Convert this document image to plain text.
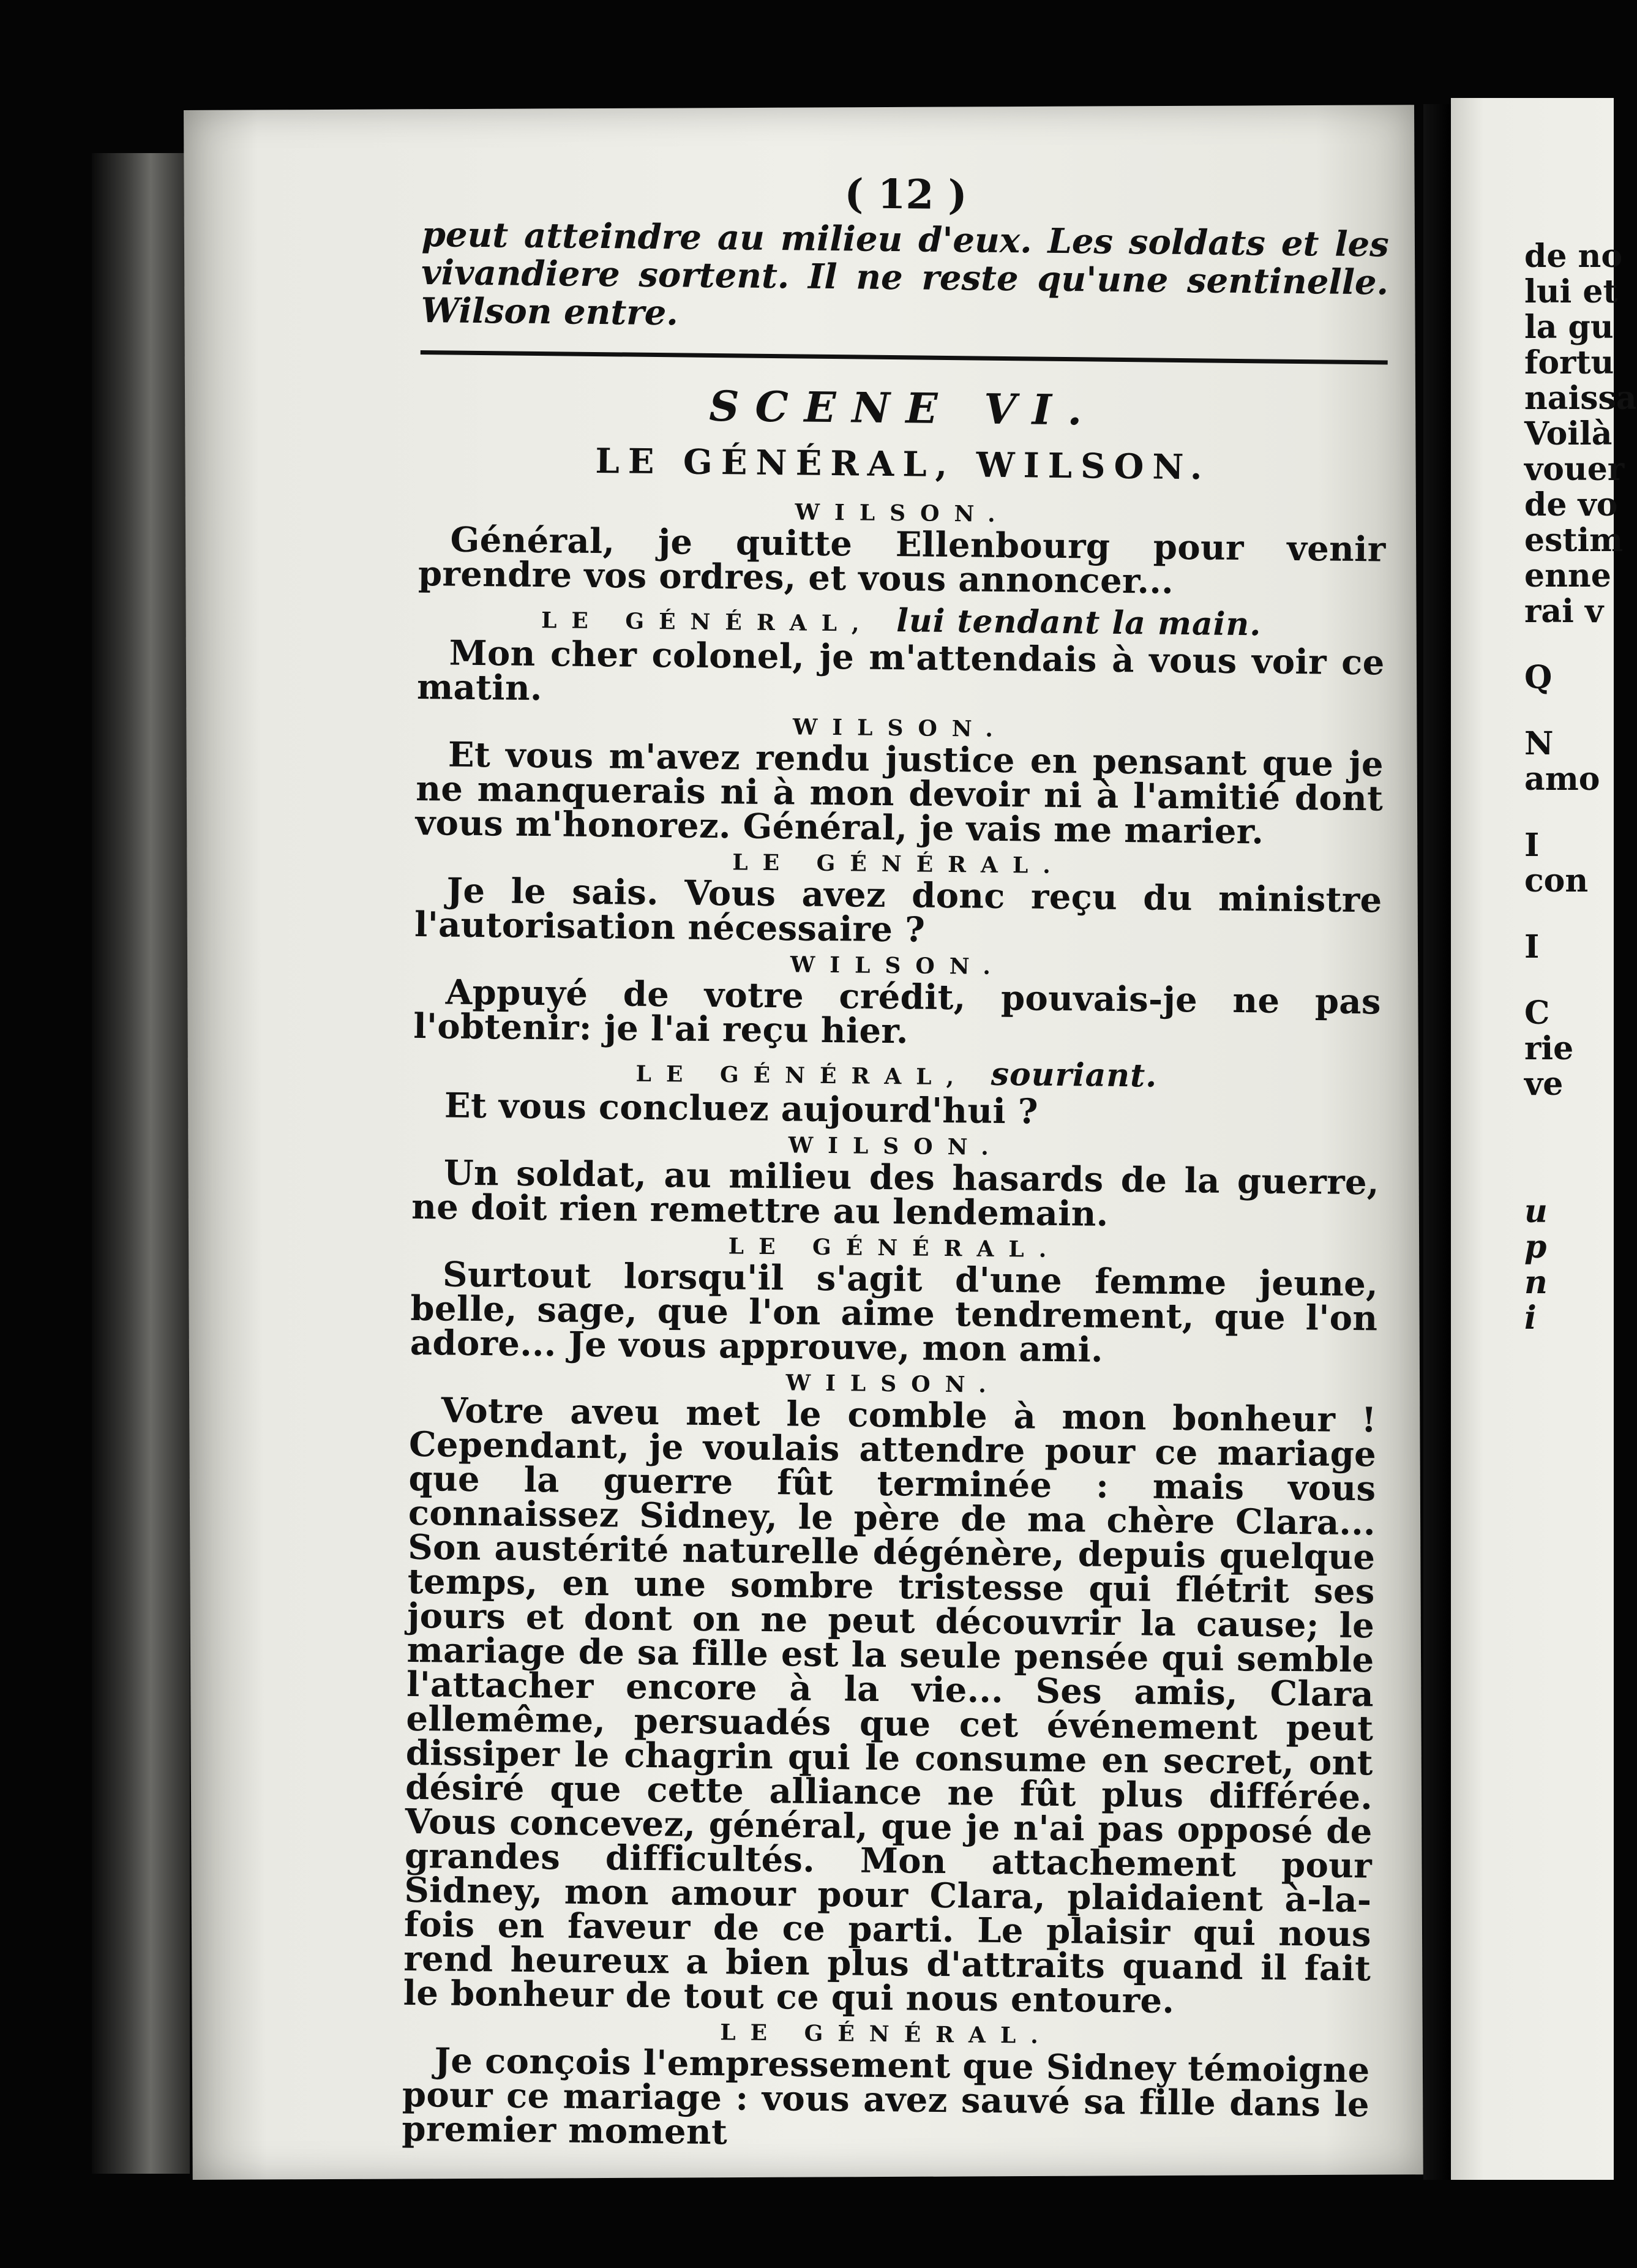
( 12 )
peut atteindre au milieu d'eux. Les soldats et les vivandiere sortent. Il ne reste qu'une sentinelle. Wilson entre.
SCENE VI.
LE GÉNÉRAL, WILSON.
WILSON.

Général, je quitte Ellenbourg pour venir prendre vos ordres, et vous annoncer...

LE GÉNÉRAL, lui tendant la main.

Mon cher colonel, je m'attendais à vous voir ce matin.

WILSON.

Et vous m'avez rendu justice en pensant que je ne manquerais ni à mon devoir ni à l'amitié dont vous m'honorez. Général, je vais me marier.

LE GÉNÉRAL.

Je le sais. Vous avez donc reçu du ministre l'autorisation nécessaire ?

WILSON.

Appuyé de votre crédit, pouvais-je ne pas l'obtenir: je l'ai reçu hier.

LE GÉNÉRAL, souriant.

Et vous concluez aujourd'hui ?

WILSON.

Un soldat, au milieu des hasards de la guerre, ne doit rien remettre au lendemain.

LE GÉNÉRAL.

Surtout lorsqu'il s'agit d'une femme jeune, belle, sage, que l'on aime tendrement, que l'on adore... Je vous approuve, mon ami.

WILSON.

Votre aveu met le comble à mon bonheur ! Cependant, je voulais attendre pour ce mariage que la guerre fût terminée : mais vous connaissez Sidney, le père de ma chère Clara... Son austérité naturelle dégénère, depuis quelque temps, en une sombre tristesse qui flétrit ses jours et dont on ne peut découvrir la cause; le mariage de sa fille est la seule pensée qui semble l'attacher encore à la vie... Ses amis, Clara ellemême, persuadés que cet événement peut dissiper le chagrin qui le consume en secret, ont désiré que cette alliance ne fût plus différée. Vous concevez, général, que je n'ai pas opposé de grandes difficultés. Mon attachement pour Sidney, mon amour pour Clara, plaidaient à-la-fois en faveur de ce parti. Le plaisir qui nous rend heureux a bien plus d'attraits quand il fait le bonheur de tout ce qui nous entoure.

LE GÉNÉRAL.

Je conçois l'empressement que Sidney témoigne pour ce mariage : vous avez sauvé sa fille dans le premier moment

de no
lui et
la gu
fortu
naissa
Voilà
vouer
de vo
estim
enne
rai v
Q
N
amo
I
con
I
C
rie
ve
u
p
n
i
